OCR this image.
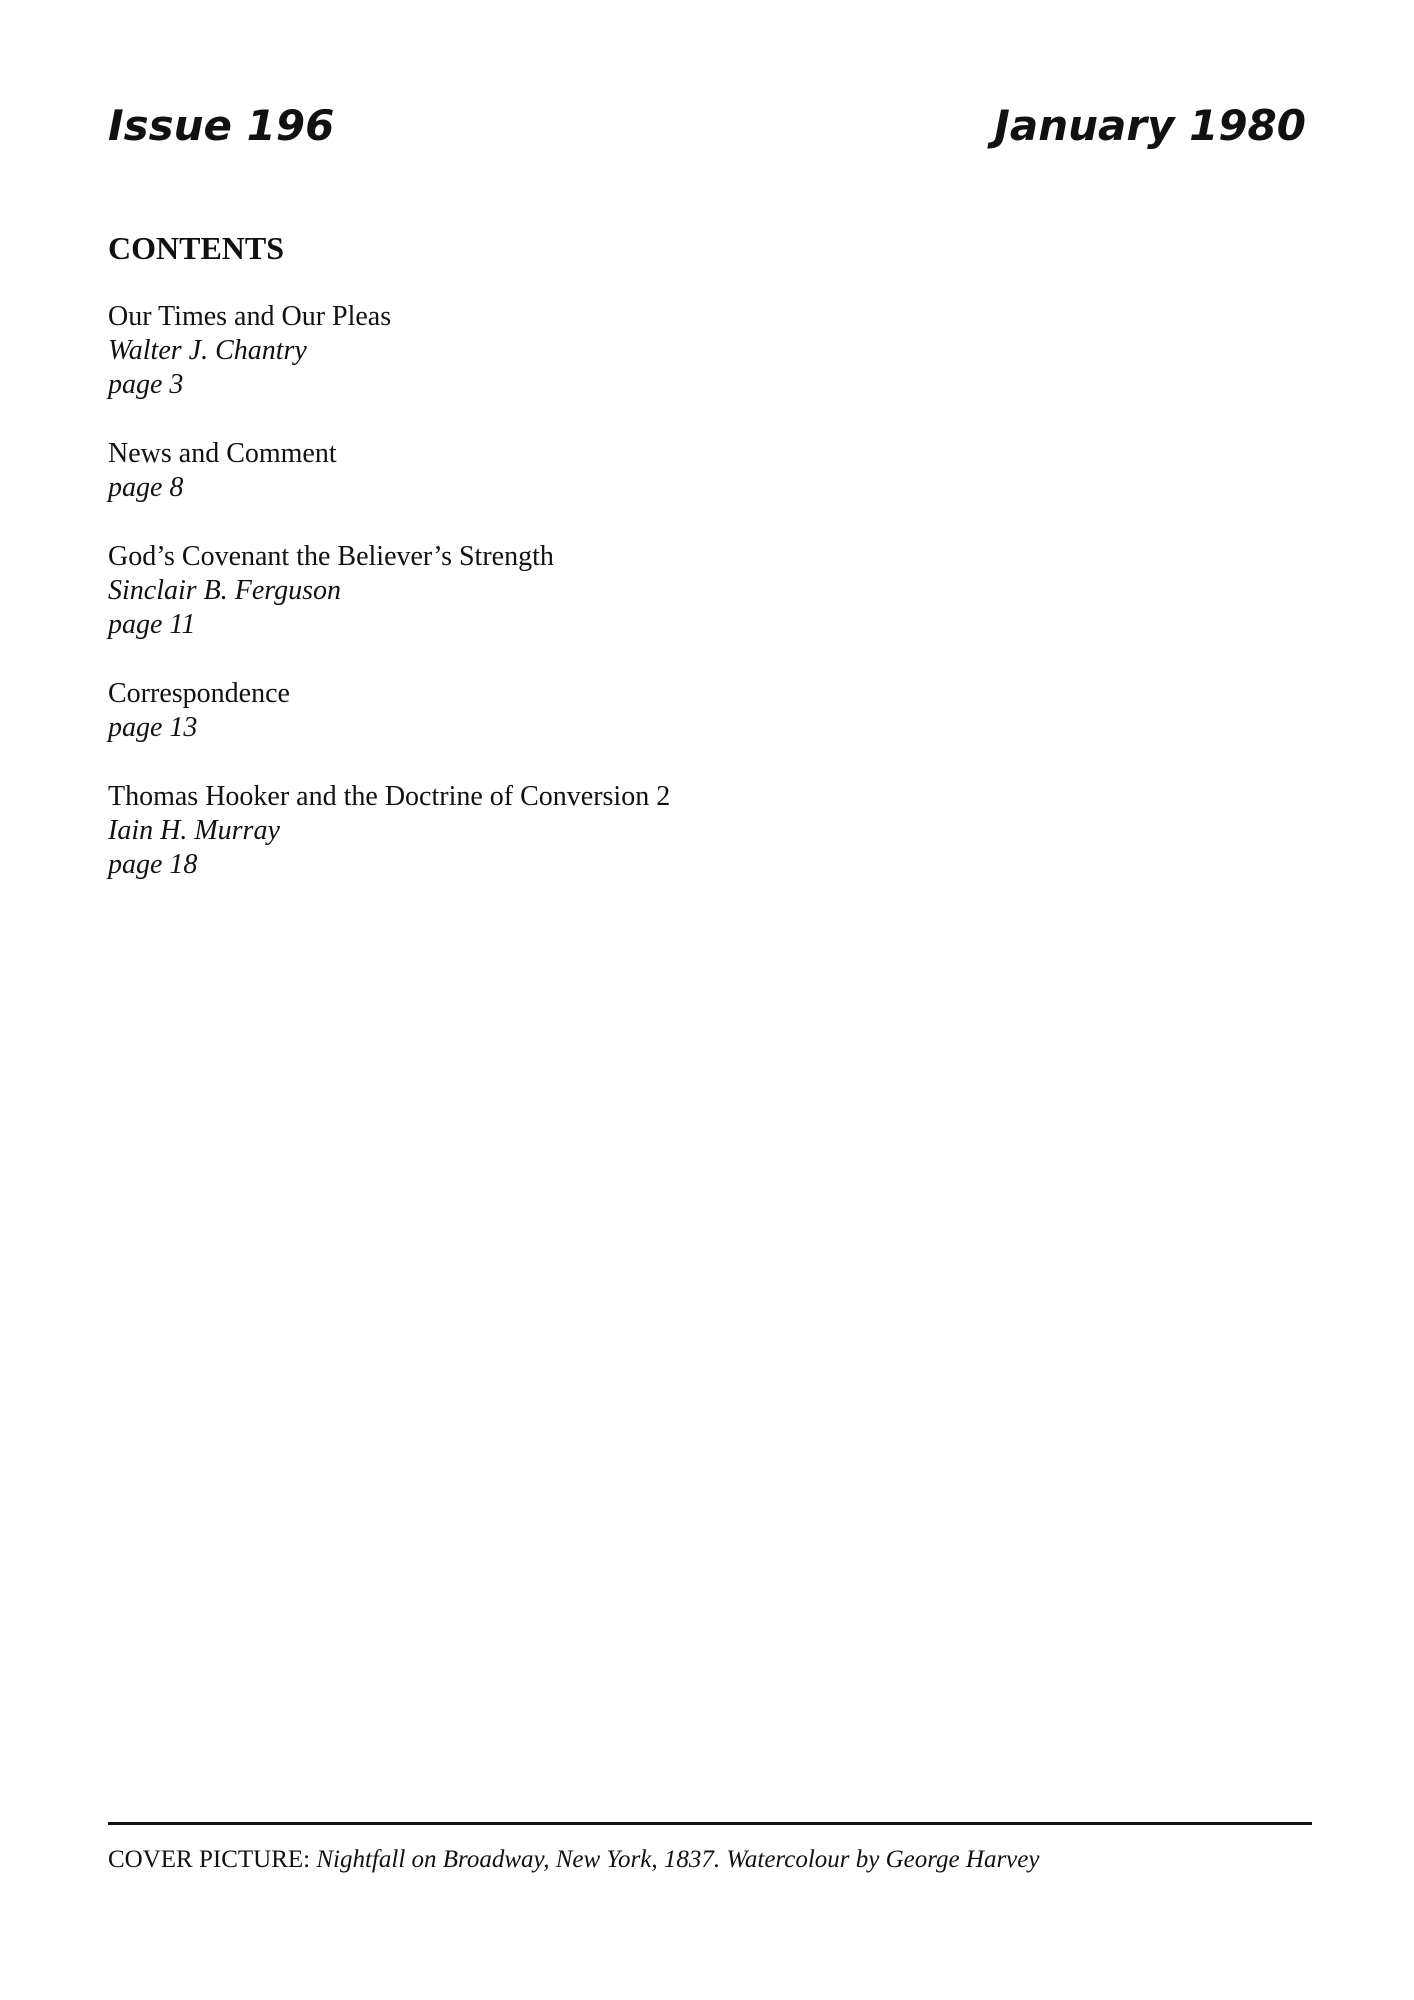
Issue 196	January 1980
CONTENTS
Our Times and Our Pleas
Walter J. Chantry
page 3
News and Comment
page 8
God’s Covenant the Believer’s Strength
Sinclair B. Ferguson
page 11
Correspondence
page 13
Thomas Hooker and the Doctrine of Conversion 2
Iain H. Murray
page 18
COVER PICTURE: Nightfall on Broadway, New York, 1837. Watercolour by George Harvey
